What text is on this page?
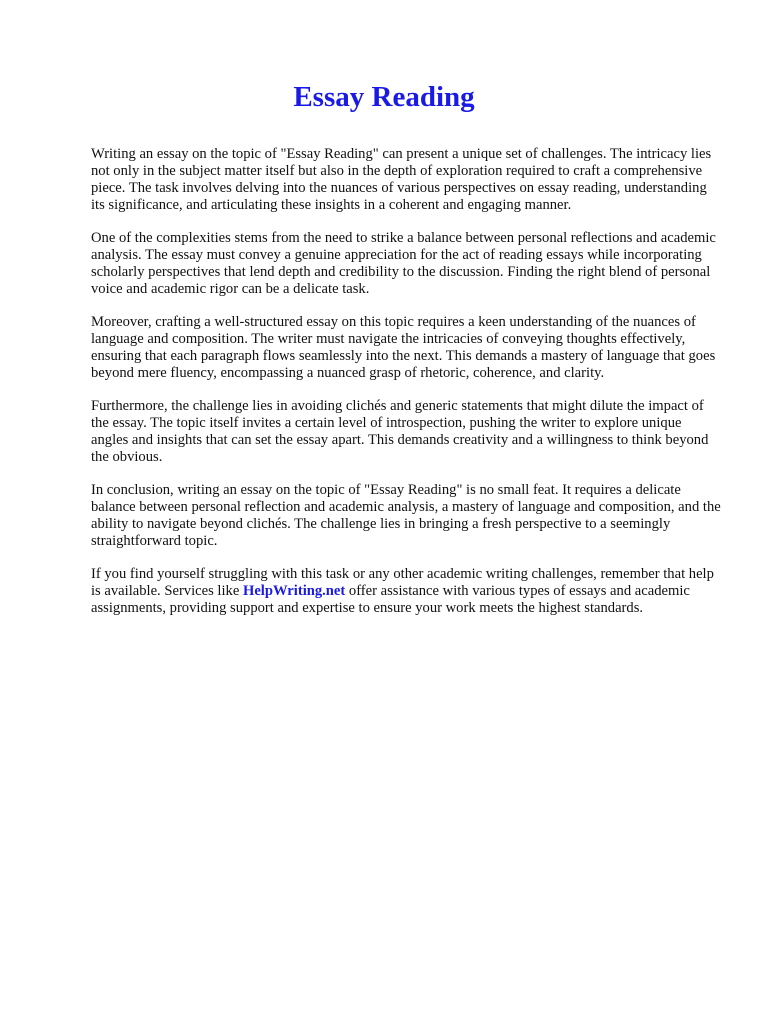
Essay Reading

Writing an essay on the topic of "Essay Reading" can present a unique set of challenges. The intricacy lies not only in the subject matter itself but also in the depth of exploration required to craft a comprehensive piece. The task involves delving into the nuances of various perspectives on essay reading, understanding its significance, and articulating these insights in a coherent and engaging manner.

One of the complexities stems from the need to strike a balance between personal reflections and academic analysis. The essay must convey a genuine appreciation for the act of reading essays while incorporating scholarly perspectives that lend depth and credibility to the discussion. Finding the right blend of personal voice and academic rigor can be a delicate task.

Moreover, crafting a well-structured essay on this topic requires a keen understanding of the nuances of language and composition. The writer must navigate the intricacies of conveying thoughts effectively, ensuring that each paragraph flows seamlessly into the next. This demands a mastery of language that goes beyond mere fluency, encompassing a nuanced grasp of rhetoric, coherence, and clarity.

Furthermore, the challenge lies in avoiding clichés and generic statements that might dilute the impact of the essay. The topic itself invites a certain level of introspection, pushing the writer to explore unique angles and insights that can set the essay apart. This demands creativity and a willingness to think beyond the obvious.

In conclusion, writing an essay on the topic of "Essay Reading" is no small feat. It requires a delicate balance between personal reflection and academic analysis, a mastery of language and composition, and the ability to navigate beyond clichés. The challenge lies in bringing a fresh perspective to a seemingly straightforward topic.

If you find yourself struggling with this task or any other academic writing challenges, remember that help is available. Services like HelpWriting.net offer assistance with various types of essays and academic assignments, providing support and expertise to ensure your work meets the highest standards.
